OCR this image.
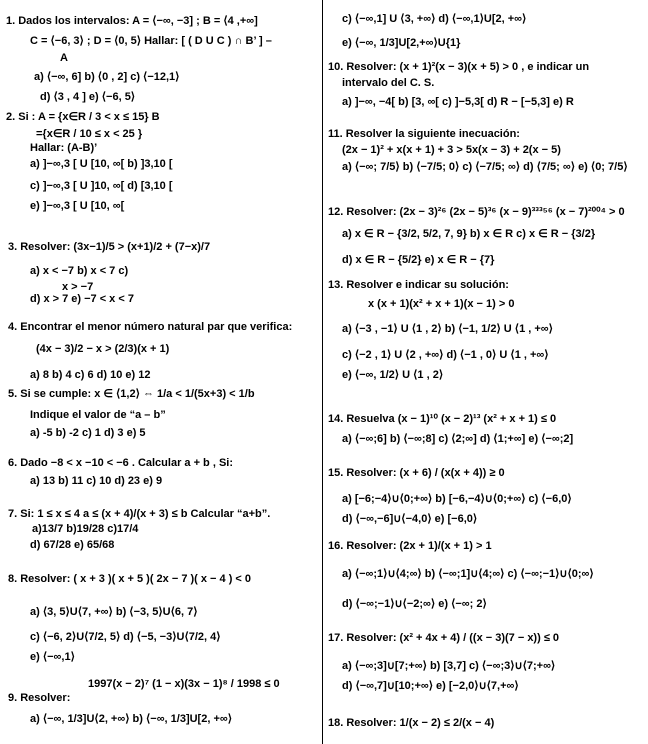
1. Dados los intervalos: A = ⟨−∞, −3] ; B = ⟨4 ,+∞]
C = ⟨−6, 3⟩ ; D = ⟨0, 5⟩ Hallar: [ ( D U C ) ∩ B’ ] –
A
a) ⟨−∞, 6] b) ⟨0 , 2] c) ⟨−12,1⟩
d) ⟨3 , 4 ] e) ⟨−6, 5⟩
2. Si : A = {x∈R / 3 < x ≤ 15} B
={x∈R / 10 ≤ x < 25 }
Hallar: (A-B)’
a) ]−∞,3 [ U [10, ∞[ b) ]3,10 [
c) ]−∞,3 [ U ]10, ∞[ d) [3,10 [
e) ]−∞,3 [ U [10, ∞[
3. Resolver: (3x−1)/5 > (x+1)/2 + (7−x)/7
a) x < −7 b) x < 7 c)
x > −7
d) x > 7 e) −7 < x < 7
4. Encontrar el menor número natural par que verifica:
(4x − 3)/2 − x > (2/3)(x + 1)
a) 8 b) 4 c) 6 d) 10 e) 12
5. Si se cumple: x ∈ ⟨1,2⟩ ⇔ 1/a < 1/(5x+3) < 1/b
Indique el valor de “a – b”
a) -5 b) -2 c) 1 d) 3 e) 5
6. Dado −8 < x −10 < −6 . Calcular a + b , Si:
a) 13 b) 11 c) 10 d) 23 e) 9
7. Si: 1 ≤ x ≤ 4 a ≤ (x + 4)/(x + 3) ≤ b Calcular “a+b”.
a)13/7 b)19/28 c)17/4
d) 67/28 e) 65/68
8. Resolver: ( x + 3 )( x + 5 )( 2x − 7 )( x − 4 ) < 0
a) ⟨3, 5⟩U⟨7, +∞⟩ b) ⟨−3, 5⟩U⟨6, 7⟩
c) ⟨−6, 2⟩U⟨7/2, 5⟩ d) ⟨−5, −3⟩U⟨7/2, 4⟩
e) ⟨−∞,1⟩
1997(x − 2)⁷ (1 − x)(3x − 1)⁸ / 1998 ≤ 0
9. Resolver:
a) ⟨−∞, 1/3]U⟨2, +∞⟩ b) ⟨−∞, 1/3]U[2, +∞⟩
c) ⟨−∞,1] U ⟨3, +∞⟩ d) ⟨−∞,1⟩U[2, +∞⟩
e) ⟨−∞, 1/3]U[2,+∞⟩U{1}
10. Resolver: (x + 1)²(x − 3)(x + 5) > 0 , e indicar un
intervalo del C. S.
a) ]−∞, −4[ b) [3, ∞[ c) ]−5,3[ d) R − [−5,3] e) R
11. Resolver la siguiente inecuación:
(2x − 1)² + x(x + 1) + 3 > 5x(x − 3) + 2(x − 5)
a) ⟨−∞; 7/5⟩ b) ⟨−7/5; 0⟩ c) ⟨−7/5; ∞⟩ d) ⟨7/5; ∞⟩ e) ⟨0; 7/5⟩
12. Resolver: (2x − 3)²⁶ (2x − 5)³⁶ (x − 9)³³³⁵⁶ (x − 7)²⁰⁰⁴ > 0
a) x ∈ R − {3/2, 5/2, 7, 9} b) x ∈ R c) x ∈ R − {3/2}
d) x ∈ R − {5/2} e) x ∈ R − {7}
13. Resolver e indicar su solución:
x (x + 1)(x² + x + 1)(x − 1) > 0
a) ⟨−3 , −1⟩ U ⟨1 , 2⟩ b) ⟨−1, 1/2⟩ U ⟨1 , +∞⟩
c) ⟨−2 , 1⟩ U ⟨2 , +∞⟩ d) ⟨−1 , 0⟩ U ⟨1 , +∞⟩
e) ⟨−∞, 1/2⟩ U ⟨1 , 2⟩
14. Resuelva (x − 1)¹⁰ (x − 2)¹³ (x² + x + 1) ≤ 0
a) ⟨−∞;6] b) ⟨−∞;8] c) ⟨2;∞] d) ⟨1;+∞] e) ⟨−∞;2]
15. Resolver: (x + 6) / (x(x + 4)) ≥ 0
a) [−6;−4⟩∪⟨0;+∞⟩ b) [−6,−4⟩∪⟨0;+∞⟩ c) ⟨−6,0⟩
d) ⟨−∞,−6]∪⟨−4,0⟩ e) [−6,0⟩
16. Resolver: (2x + 1)/(x + 1) > 1
a) ⟨−∞;1⟩∪⟨4;∞⟩ b) ⟨−∞;1]∪⟨4;∞⟩ c) ⟨−∞;−1⟩∪⟨0;∞⟩
d) ⟨−∞;−1⟩∪⟨−2;∞⟩ e) ⟨−∞; 2⟩
17. Resolver: (x² + 4x + 4) / ((x − 3)(7 − x)) ≤ 0
a) ⟨−∞;3]∪[7;+∞⟩ b) [3,7] c) ⟨−∞;3⟩∪⟨7;+∞⟩
d) ⟨−∞,7]∪[10;+∞⟩ e) [−2,0⟩∪⟨7,+∞⟩
18. Resolver: 1/(x − 2) ≤ 2/(x − 4)
